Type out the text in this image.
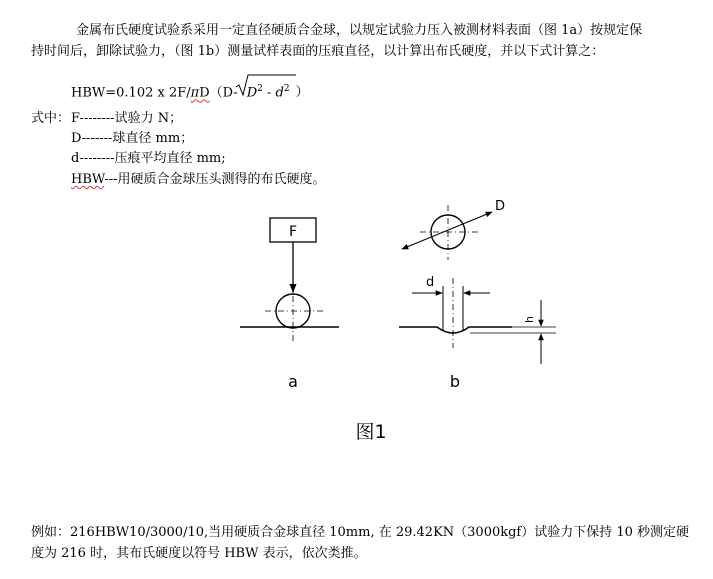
金属布氏硬度试验系采用一定直径硬质合金球，以规定试验力压入被测材料表面（图 1a）按规定保
持时间后，卸除试验力，（图 1b）测量试样表面的压痕直径，以计算出布氏硬度，并以下式计算之：
HBW=0.102 x 2F/πD（D- $D^2 - d^2$ ）
式中： F--------试验力 N；
D-------球直径 mm；
d--------压痕平均直径 mm;
HBW---用硬质合金球压头测得的布氏硬度。
F
a
D
d
h
b
图1
例如：216HBW10/3000/10,当用硬质合金球直径 10mm, 在 29.42KN（3000kgf）试验力下保持 10 秒测定硬
度为 216 时，其布氏硬度以符号 HBW 表示，依次类推。
